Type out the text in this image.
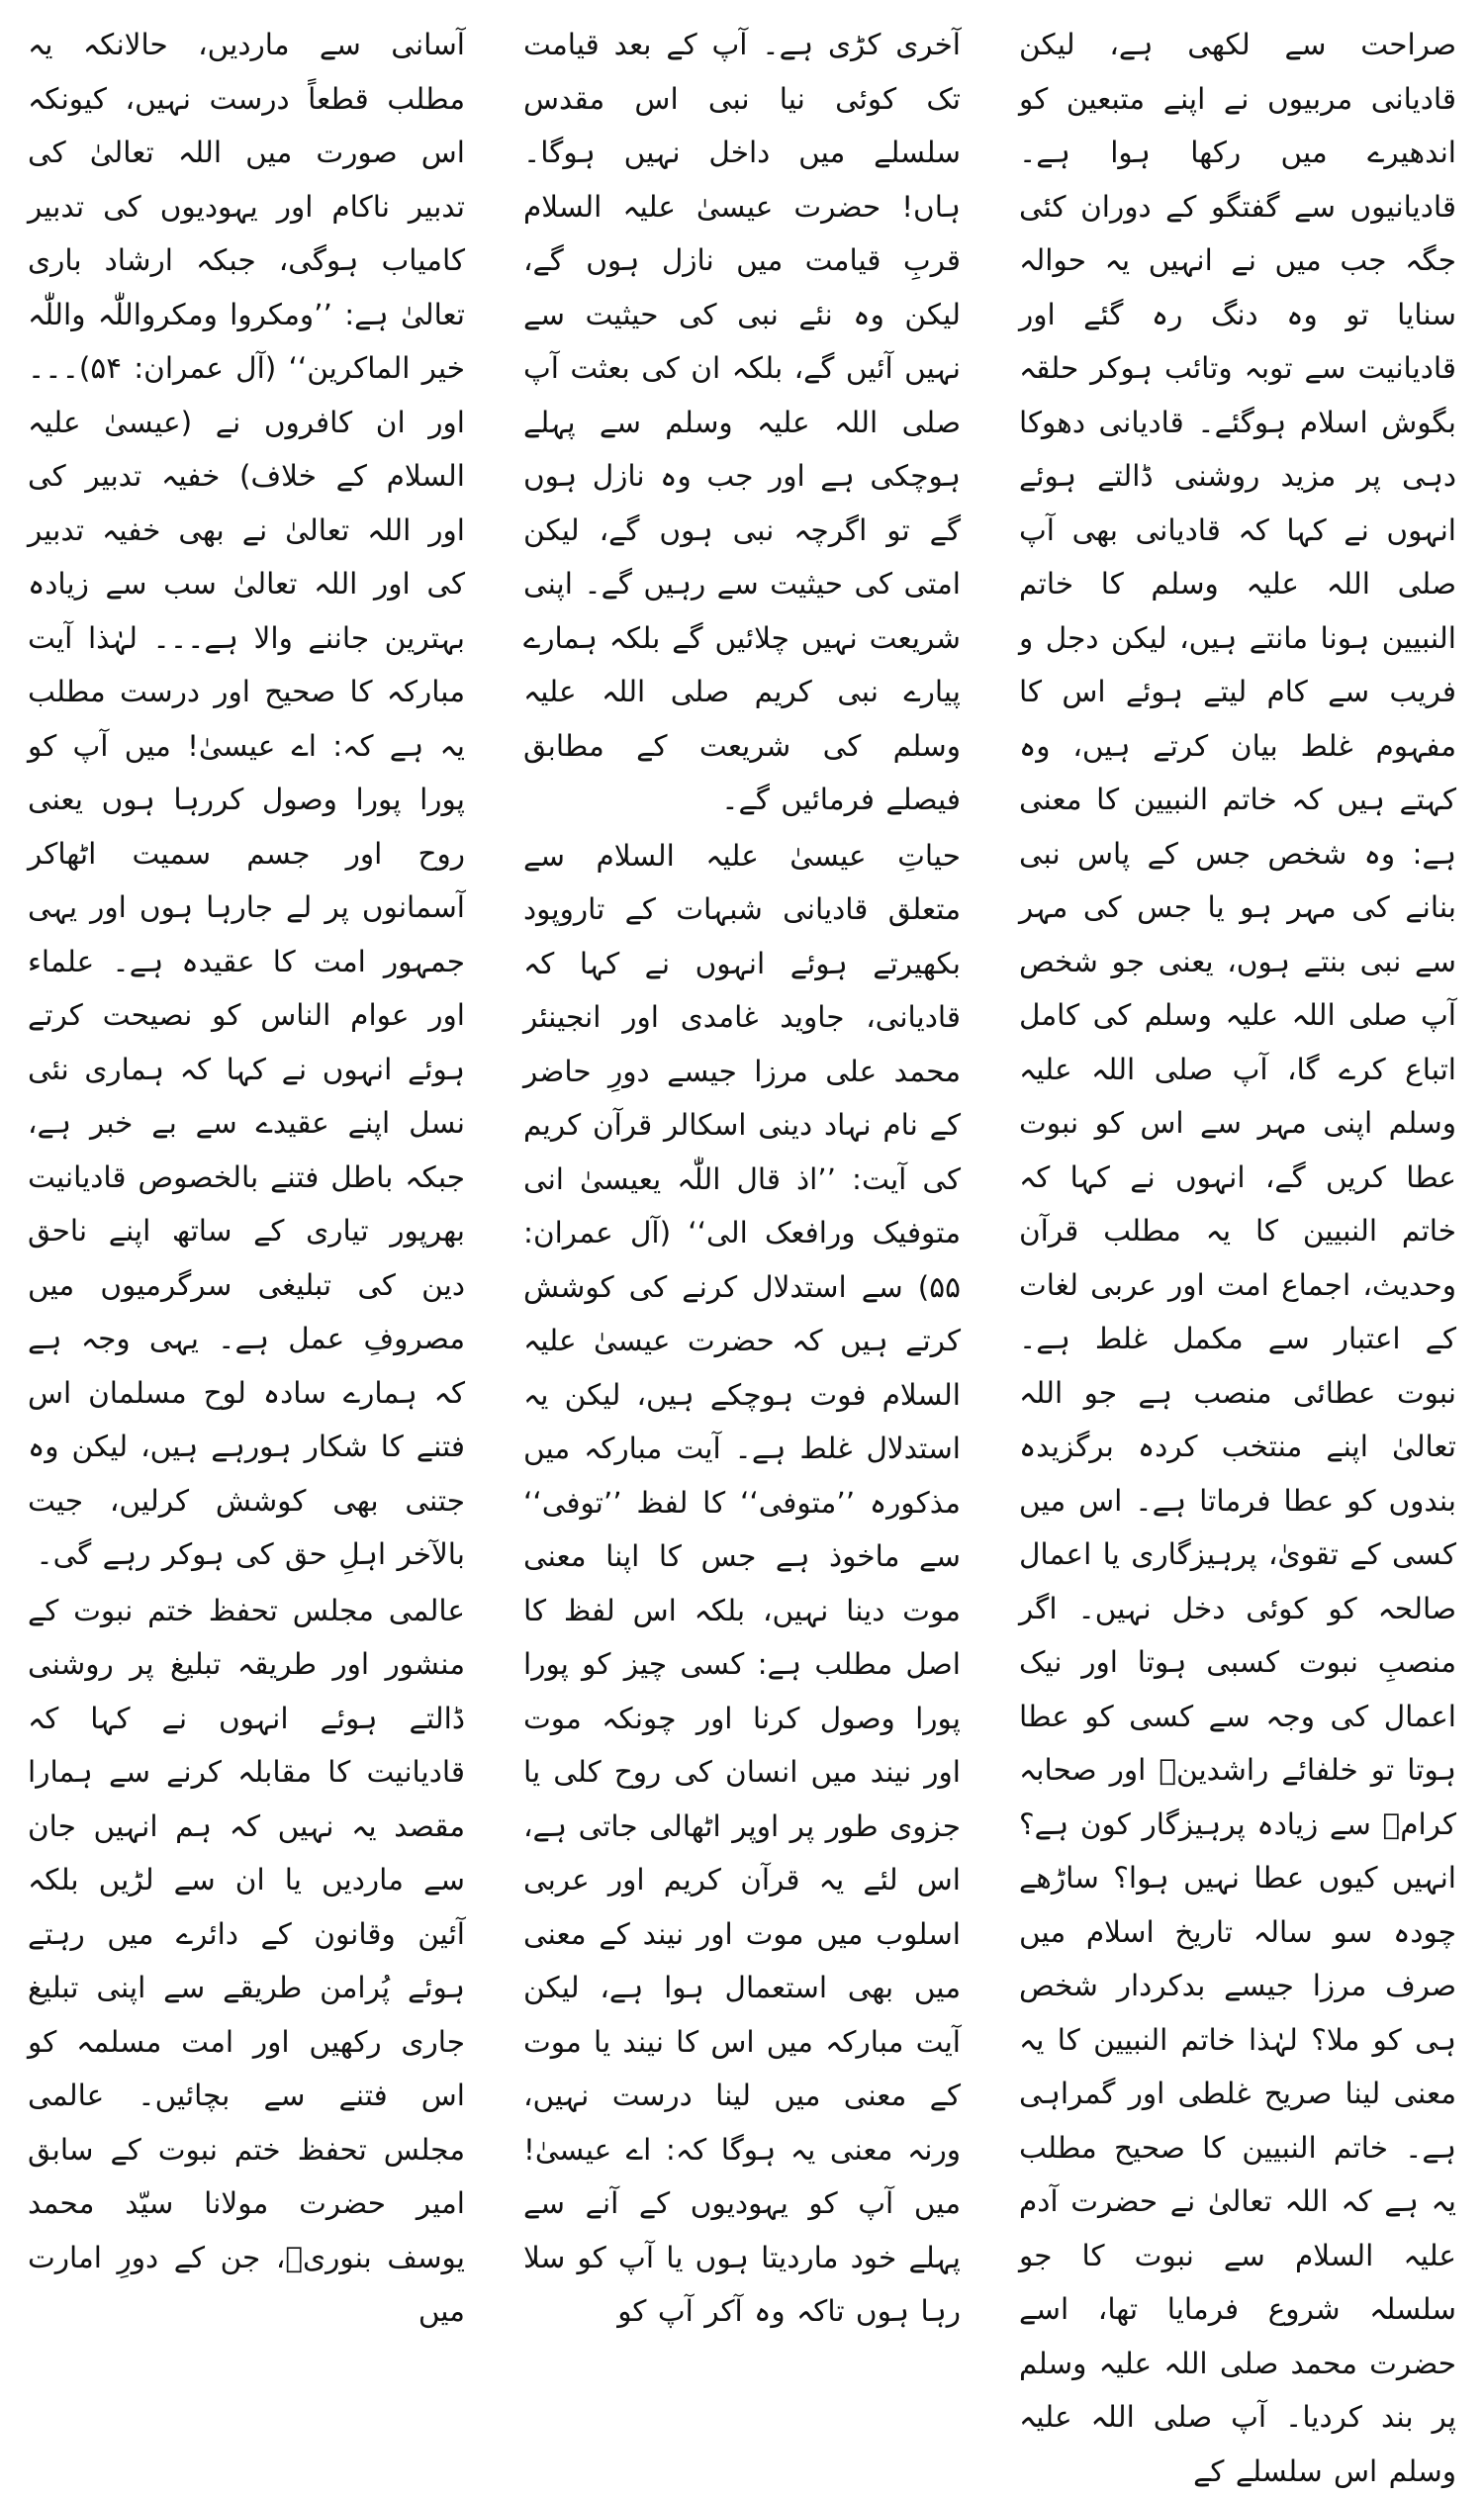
صراحت سے لکھی ہے، لیکن قادیانی مربیوں نے اپنے متبعین کو اندھیرے میں رکھا ہوا ہے۔ قادیانیوں سے گفتگو کے دوران کئی جگہ جب میں نے انہیں یہ حوالہ سنایا تو وہ دنگ رہ گئے اور قادیانیت سے توبہ وتائب ہوکر حلقہ بگوش اسلام ہوگئے۔ قادیانی دھوکا دہی پر مزید روشنی ڈالتے ہوئے انہوں نے کہا کہ قادیانی بھی آپ صلی اللہ علیہ وسلم کا خاتم النبیین ہونا مانتے ہیں، لیکن دجل و فریب سے کام لیتے ہوئے اس کا مفہوم غلط بیان کرتے ہیں، وہ کہتے ہیں کہ خاتم النبیین کا معنی ہے: وہ شخص جس کے پاس نبی بنانے کی مہر ہو یا جس کی مہر سے نبی بنتے ہوں، یعنی جو شخص آپ صلی اللہ علیہ وسلم کی کامل اتباع کرے گا، آپ صلی اللہ علیہ وسلم اپنی مہر سے اس کو نبوت عطا کریں گے، انہوں نے کہا کہ خاتم النبیین کا یہ مطلب قرآن وحدیث، اجماع امت اور عربی لغات کے اعتبار سے مکمل غلط ہے۔ نبوت عطائی منصب ہے جو اللہ تعالیٰ اپنے منتخب کردہ برگزیدہ بندوں کو عطا فرماتا ہے۔ اس میں کسی کے تقویٰ، پرہیزگاری یا اعمال صالحہ کو کوئی دخل نہیں۔ اگر منصبِ نبوت کسبی ہوتا اور نیک اعمال کی وجہ سے کسی کو عطا ہوتا تو خلفائے راشدینؓ اور صحابہ کرامؓ سے زیادہ پرہیزگار کون ہے؟ انہیں کیوں عطا نہیں ہوا؟ ساڑھے چودہ سو سالہ تاریخ اسلام میں صرف مرزا جیسے بدکردار شخص ہی کو ملا؟ لہٰذا خاتم النبیین کا یہ معنی لینا صریح غلطی اور گمراہی ہے۔ خاتم النبیین کا صحیح مطلب یہ ہے کہ اللہ تعالیٰ نے حضرت آدم علیہ السلام سے نبوت کا جو سلسلہ شروع فرمایا تھا، اسے حضرت محمد صلی اللہ علیہ وسلم پر بند کردیا۔ آپ صلی اللہ علیہ وسلم اس سلسلے کے

آخری کڑی ہے۔ آپ کے بعد قیامت تک کوئی نیا نبی اس مقدس سلسلے میں داخل نہیں ہوگا۔ ہاں! حضرت عیسیٰ علیہ السلام قربِ قیامت میں نازل ہوں گے، لیکن وہ نئے نبی کی حیثیت سے نہیں آئیں گے، بلکہ ان کی بعثت آپ صلی اللہ علیہ وسلم سے پہلے ہوچکی ہے اور جب وہ نازل ہوں گے تو اگرچہ نبی ہوں گے، لیکن امتی کی حیثیت سے رہیں گے۔ اپنی شریعت نہیں چلائیں گے بلکہ ہمارے پیارے نبی کریم صلی اللہ علیہ وسلم کی شریعت کے مطابق فیصلے فرمائیں گے۔

حیاتِ عیسیٰ علیہ السلام سے متعلق قادیانی شبہات کے تاروپود بکھیرتے ہوئے انہوں نے کہا کہ قادیانی، جاوید غامدی اور انجینئر محمد علی مرزا جیسے دورِ حاضر کے نام نہاد دینی اسکالر قرآن کریم کی آیت: ’’اذ قال اللّٰہ یعیسیٰ انی متوفیک ورافعک الی‘‘ (آل عمران: ۵۵) سے استدلال کرنے کی کوشش کرتے ہیں کہ حضرت عیسیٰ علیہ السلام فوت ہوچکے ہیں، لیکن یہ استدلال غلط ہے۔ آیت مبارکہ میں مذکورہ ’’متوفی‘‘ کا لفظ ’’توفی‘‘ سے ماخوذ ہے جس کا اپنا معنی موت دینا نہیں، بلکہ اس لفظ کا اصل مطلب ہے: کسی چیز کو پورا پورا وصول کرنا اور چونکہ موت اور نیند میں انسان کی روح کلی یا جزوی طور پر اوپر اٹھالی جاتی ہے، اس لئے یہ قرآن کریم اور عربی اسلوب میں موت اور نیند کے معنی میں بھی استعمال ہوا ہے، لیکن آیت مبارکہ میں اس کا نیند یا موت کے معنی میں لینا درست نہیں، ورنہ معنی یہ ہوگا کہ: اے عیسیٰ! میں آپ کو یہودیوں کے آنے سے پہلے خود ماردیتا ہوں یا آپ کو سلا رہا ہوں تاکہ وہ آکر آپ کو

آسانی سے ماردیں، حالانکہ یہ مطلب قطعاً درست نہیں، کیونکہ اس صورت میں اللہ تعالیٰ کی تدبیر ناکام اور یہودیوں کی تدبیر کامیاب ہوگی، جبکہ ارشاد باری تعالیٰ ہے: ’’ومکروا ومکرواللّٰہ واللّٰہ خیر الماکرین‘‘ (آل عمران: ۵۴)۔۔۔ اور ان کافروں نے (عیسیٰ علیہ السلام کے خلاف) خفیہ تدبیر کی اور اللہ تعالیٰ نے بھی خفیہ تدبیر کی اور اللہ تعالیٰ سب سے زیادہ بہترین جاننے والا ہے۔۔۔ لہٰذا آیت مبارکہ کا صحیح اور درست مطلب یہ ہے کہ: اے عیسیٰ! میں آپ کو پورا پورا وصول کررہا ہوں یعنی روح اور جسم سمیت اٹھاکر آسمانوں پر لے جارہا ہوں اور یہی جمہور امت کا عقیدہ ہے۔ علماء اور عوام الناس کو نصیحت کرتے ہوئے انہوں نے کہا کہ ہماری نئی نسل اپنے عقیدے سے بے خبر ہے، جبکہ باطل فتنے بالخصوص قادیانیت بھرپور تیاری کے ساتھ اپنے ناحق دین کی تبلیغی سرگرمیوں میں مصروفِ عمل ہے۔ یہی وجہ ہے کہ ہمارے سادہ لوح مسلمان اس فتنے کا شکار ہورہے ہیں، لیکن وہ جتنی بھی کوشش کرلیں، جیت بالآخر اہلِ حق کی ہوکر رہے گی۔

عالمی مجلس تحفظ ختم نبوت کے منشور اور طریقہ تبلیغ پر روشنی ڈالتے ہوئے انہوں نے کہا کہ قادیانیت کا مقابلہ کرنے سے ہمارا مقصد یہ نہیں کہ ہم انہیں جان سے ماردیں یا ان سے لڑیں بلکہ آئین وقانون کے دائرے میں رہتے ہوئے پُرامن طریقے سے اپنی تبلیغ جاری رکھیں اور امت مسلمہ کو اس فتنے سے بچائیں۔ عالمی مجلس تحفظ ختم نبوت کے سابق امیر حضرت مولانا سیّد محمد یوسف بنوریؒ، جن کے دورِ امارت میں
